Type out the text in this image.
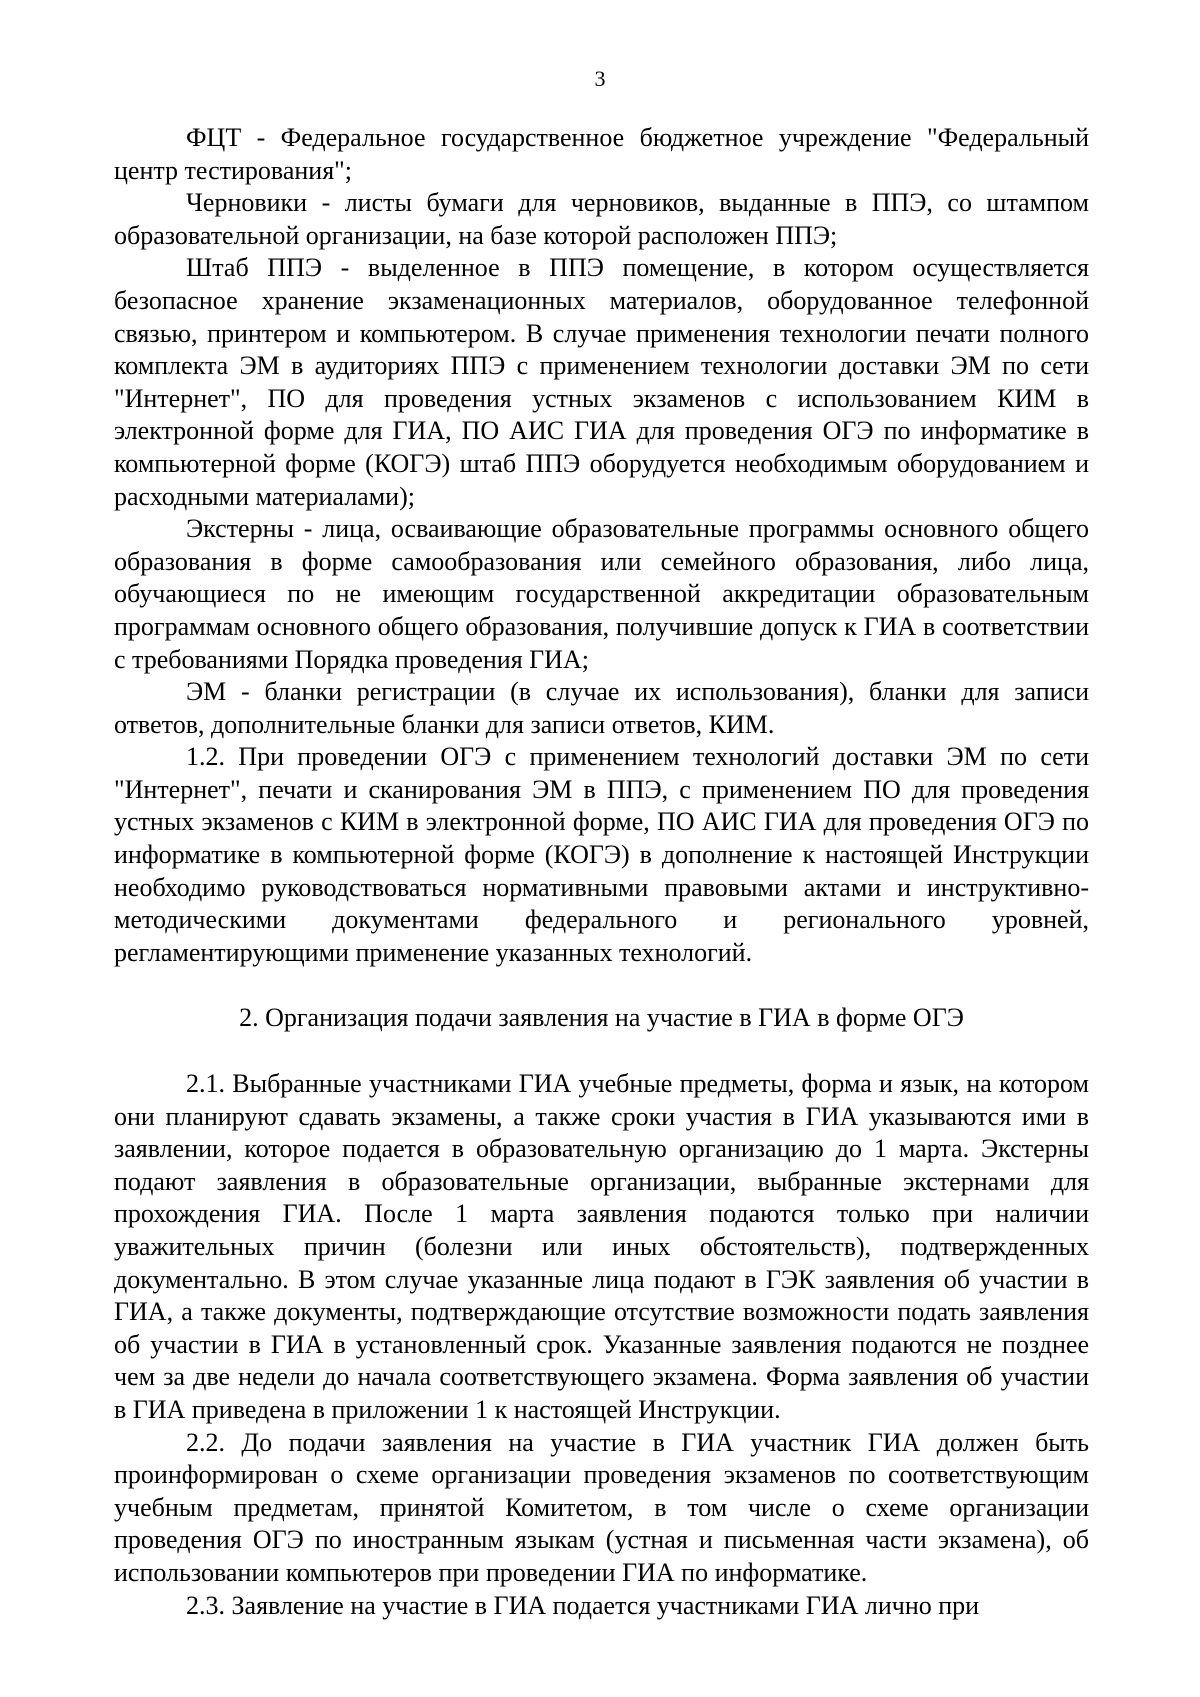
3

ФЦТ - Федеральное государственное бюджетное учреждение "Федеральный центр тестирования";

Черновики - листы бумаги для черновиков, выданные в ППЭ, со штампом образовательной организации, на базе которой расположен ППЭ;

Штаб ППЭ - выделенное в ППЭ помещение, в котором осуществляется безопасное хранение экзаменационных материалов, оборудованное телефонной связью, принтером и компьютером. В случае применения технологии печати полного комплекта ЭМ в аудиториях ППЭ с применением технологии доставки ЭМ по сети "Интернет", ПО для проведения устных экзаменов с использованием КИМ в электронной форме для ГИА, ПО АИС ГИА для проведения ОГЭ по информатике в компьютерной форме (КОГЭ) штаб ППЭ оборудуется необходимым оборудованием и расходными материалами);

Экстерны - лица, осваивающие образовательные программы основного общего образования в форме самообразования или семейного образования, либо лица, обучающиеся по не имеющим государственной аккредитации образовательным программам основного общего образования, получившие допуск к ГИА в соответствии с требованиями Порядка проведения ГИА;

ЭМ - бланки регистрации (в случае их использования), бланки для записи ответов, дополнительные бланки для записи ответов, КИМ.

1.2. При проведении ОГЭ с применением технологий доставки ЭМ по сети "Интернет", печати и сканирования ЭМ в ППЭ, с применением ПО для проведения устных экзаменов с КИМ в электронной форме, ПО АИС ГИА для проведения ОГЭ по информатике в компьютерной форме (КОГЭ) в дополнение к настоящей Инструкции необходимо руководствоваться нормативными правовыми актами и инструктивно-методическими документами федерального и регионального уровней, регламентирующими применение указанных технологий.

2. Организация подачи заявления на участие в ГИА в форме ОГЭ

2.1. Выбранные участниками ГИА учебные предметы, форма и язык, на котором они планируют сдавать экзамены, а также сроки участия в ГИА указываются ими в заявлении, которое подается в образовательную организацию до 1 марта. Экстерны подают заявления в образовательные организации, выбранные экстернами для прохождения ГИА. После 1 марта заявления подаются только при наличии уважительных причин (болезни или иных обстоятельств), подтвержденных документально. В этом случае указанные лица подают в ГЭК заявления об участии в ГИА, а также документы, подтверждающие отсутствие возможности подать заявления об участии в ГИА в установленный срок. Указанные заявления подаются не позднее чем за две недели до начала соответствующего экзамена. Форма заявления об участии в ГИА приведена в приложении 1 к настоящей Инструкции.

2.2. До подачи заявления на участие в ГИА участник ГИА должен быть проинформирован о схеме организации проведения экзаменов по соответствующим учебным предметам, принятой Комитетом, в том числе о схеме организации проведения ОГЭ по иностранным языкам (устная и письменная части экзамена), об использовании компьютеров при проведении ГИА по информатике.

2.3. Заявление на участие в ГИА подается участниками ГИА лично при
